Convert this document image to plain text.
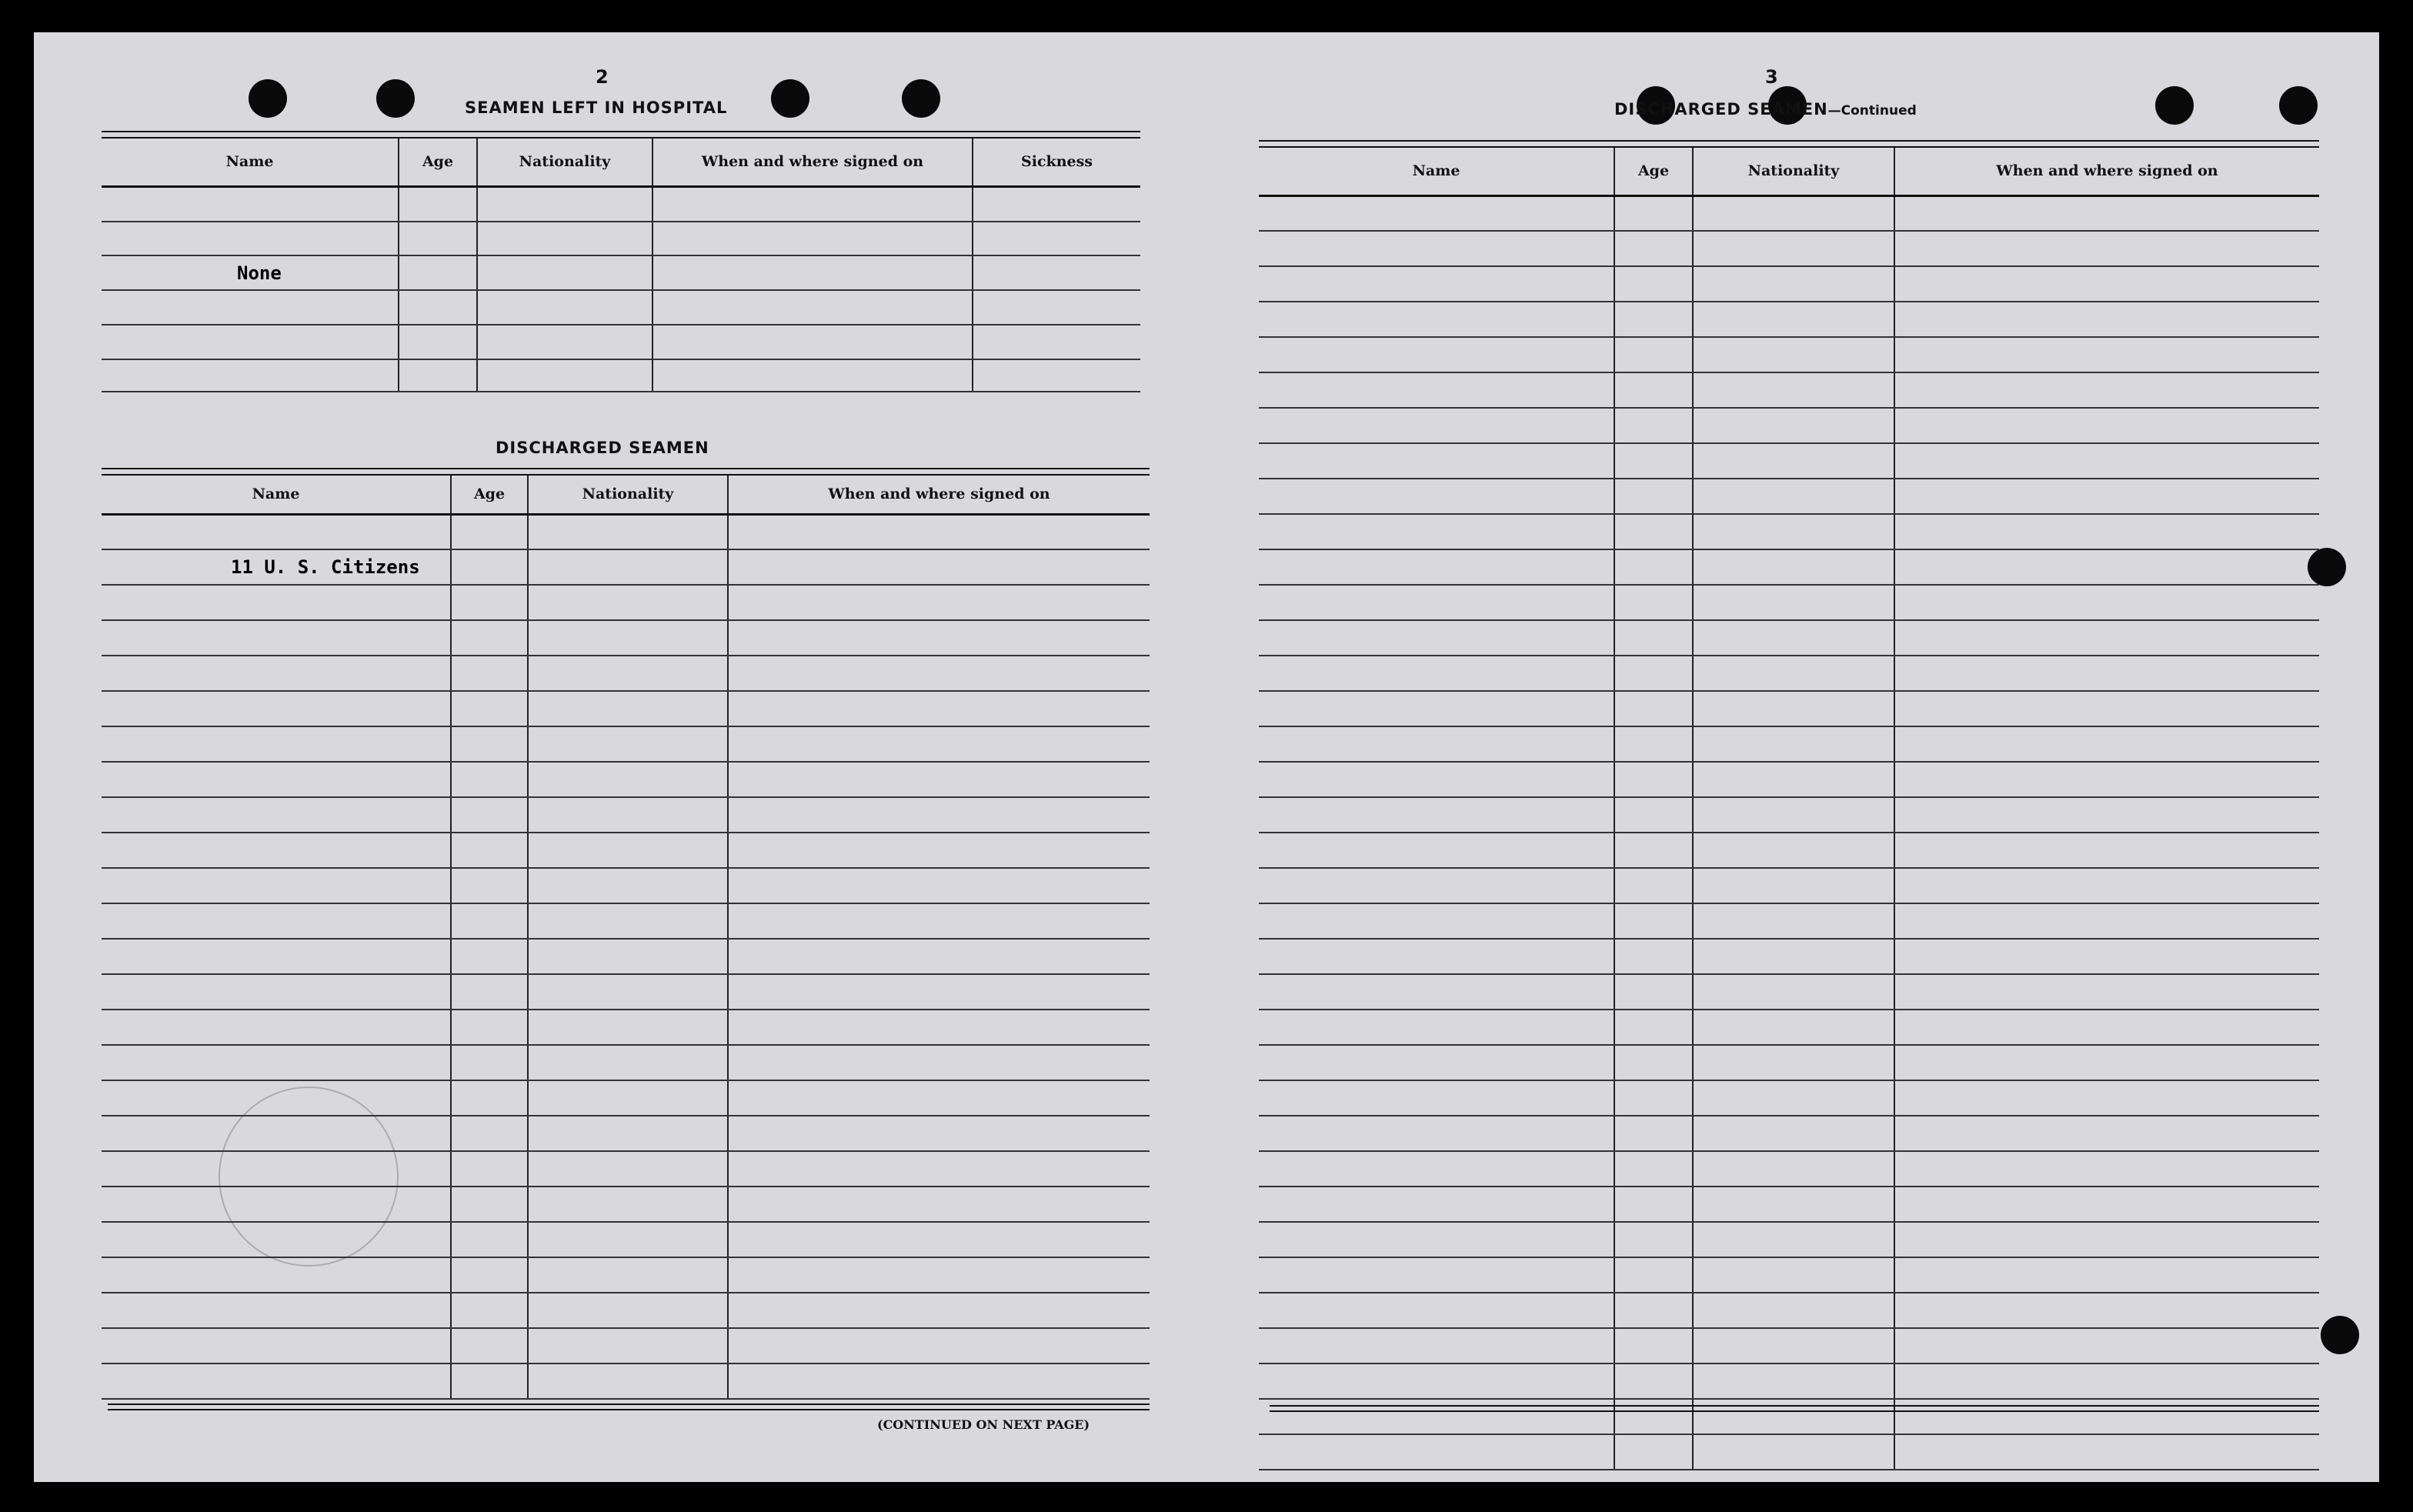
2
SEAMEN LEFT IN HOSPITAL
Name	Age	Nationality	When and where signed on	Sickness

None				

DISCHARGED SEAMEN
Name	Age	Nationality	When and where signed on

11 U. S. Citizens			

(CONTINUED ON NEXT PAGE)
3
DISCHARGED SEAMEN—Continued
Name	Age	Nationality	When and where signed on
